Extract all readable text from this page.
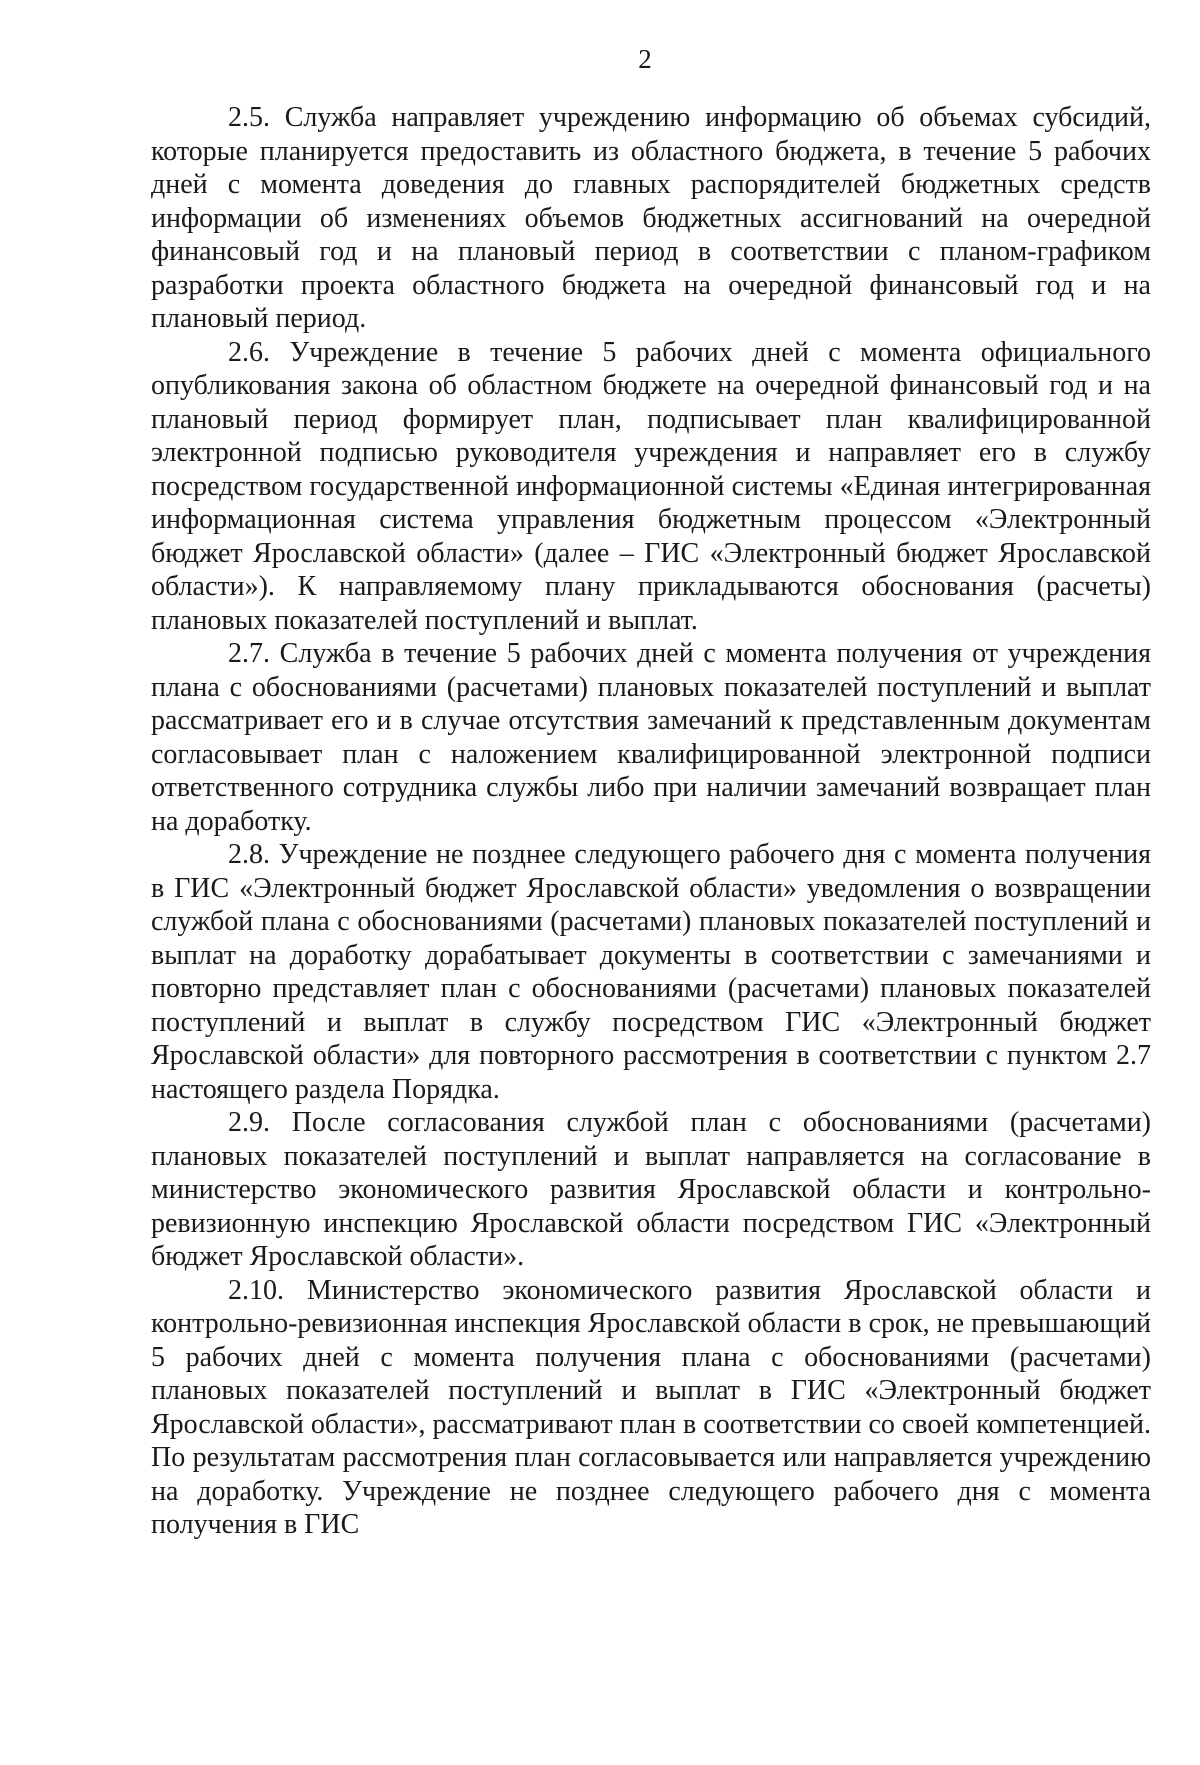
2

2.5. Служба направляет учреждению информацию об объемах субсидий, которые планируется предоставить из областного бюджета, в течение 5 рабочих дней с момента доведения до главных распорядителей бюджетных средств информации об изменениях объемов бюджетных ассигнований на очередной финансовый год и на плановый период в соответствии с планом-графиком разработки проекта областного бюджета на очередной финансовый год и на плановый период.

2.6. Учреждение в течение 5 рабочих дней с момента официального опубликования закона об областном бюджете на очередной финансовый год и на плановый период формирует план, подписывает план квалифицированной электронной подписью руководителя учреждения и направляет его в службу посредством государственной информационной системы «Единая интегрированная информационная система управления бюджетным процессом «Электронный бюджет Ярославской области» (далее – ГИС «Электронный бюджет Ярославской области»). К направляемому плану прикладываются обоснования (расчеты) плановых показателей поступлений и выплат.

2.7. Служба в течение 5 рабочих дней с момента получения от учреждения плана с обоснованиями (расчетами) плановых показателей поступлений и выплат рассматривает его и в случае отсутствия замечаний к представленным документам согласовывает план с наложением квалифицированной электронной подписи ответственного сотрудника службы либо при наличии замечаний возвращает план на доработку.

2.8. Учреждение не позднее следующего рабочего дня с момента получения в ГИС «Электронный бюджет Ярославской области» уведомления о возвращении службой плана с обоснованиями (расчетами) плановых показателей поступлений и выплат на доработку дорабатывает документы в соответствии с замечаниями и повторно представляет план с обоснованиями (расчетами) плановых показателей поступлений и выплат в службу посредством ГИС «Электронный бюджет Ярославской области» для повторного рассмотрения в соответствии с пунктом 2.7 настоящего раздела Порядка.

2.9. После согласования службой план с обоснованиями (расчетами) плановых показателей поступлений и выплат направляется на согласование в министерство экономического развития Ярославской области и контрольно-ревизионную инспекцию Ярославской области посредством ГИС «Электронный бюджет Ярославской области».

2.10. Министерство экономического развития Ярославской области и контрольно-ревизионная инспекция Ярославской области в срок, не превышающий 5 рабочих дней с момента получения плана с обоснованиями (расчетами) плановых показателей поступлений и выплат в ГИС «Электронный бюджет Ярославской области», рассматривают план в соответствии со своей компетенцией. По результатам рассмотрения план согласовывается или направляется учреждению на доработку. Учреждение не позднее следующего рабочего дня с момента получения в ГИС
